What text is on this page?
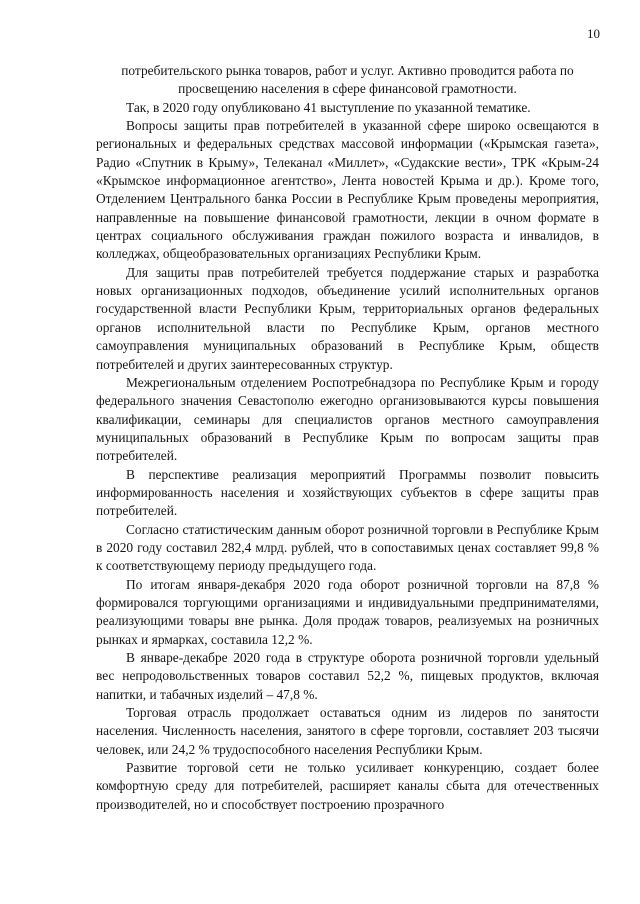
10

потребительского рынка товаров, работ и услуг. Активно проводится работа по просвещению населения в сфере финансовой грамотности.

Так, в 2020 году опубликовано 41 выступление по указанной тематике.

Вопросы защиты прав потребителей в указанной сфере широко освещаются в региональных и федеральных средствах массовой информации («Крымская газета», Радио «Спутник в Крыму», Телеканал «Миллет», «Судакские вести», ТРК «Крым-24 «Крымское информационное агентство», Лента новостей Крыма и др.). Кроме того, Отделением Центрального банка России в Республике Крым проведены мероприятия, направленные на повышение финансовой грамотности, лекции в очном формате в центрах социального обслуживания граждан пожилого возраста и инвалидов, в колледжах, общеобразовательных организациях Республики Крым.

Для защиты прав потребителей требуется поддержание старых и разработка новых организационных подходов, объединение усилий исполнительных органов государственной власти Республики Крым, территориальных органов федеральных органов исполнительной власти по Республике Крым, органов местного самоуправления муниципальных образований в Республике Крым, обществ потребителей и других заинтересованных структур.

Межрегиональным отделением Роспотребнадзора по Республике Крым и городу федерального значения Севастополю ежегодно организовываются курсы повышения квалификации, семинары для специалистов органов местного самоуправления муниципальных образований в Республике Крым по вопросам защиты прав потребителей.

В перспективе реализация мероприятий Программы позволит повысить информированность населения и хозяйствующих субъектов в сфере защиты прав потребителей.

Согласно статистическим данным оборот розничной торговли в Республике Крым в 2020 году составил 282,4 млрд. рублей, что в сопоставимых ценах составляет 99,8 % к соответствующему периоду предыдущего года.

По итогам января-декабря 2020 года оборот розничной торговли на 87,8 % формировался торгующими организациями и индивидуальными предпринимателями, реализующими товары вне рынка. Доля продаж товаров, реализуемых на розничных рынках и ярмарках, составила 12,2 %.

В январе-декабре 2020 года в структуре оборота розничной торговли удельный вес непродовольственных товаров составил 52,2 %, пищевых продуктов, включая напитки, и табачных изделий – 47,8 %.

Торговая отрасль продолжает оставаться одним из лидеров по занятости населения. Численность населения, занятого в сфере торговли, составляет 203 тысячи человек, или 24,2 % трудоспособного населения Республики Крым.

Развитие торговой сети не только усиливает конкуренцию, создает более комфортную среду для потребителей, расширяет каналы сбыта для отечественных производителей, но и способствует построению прозрачного
